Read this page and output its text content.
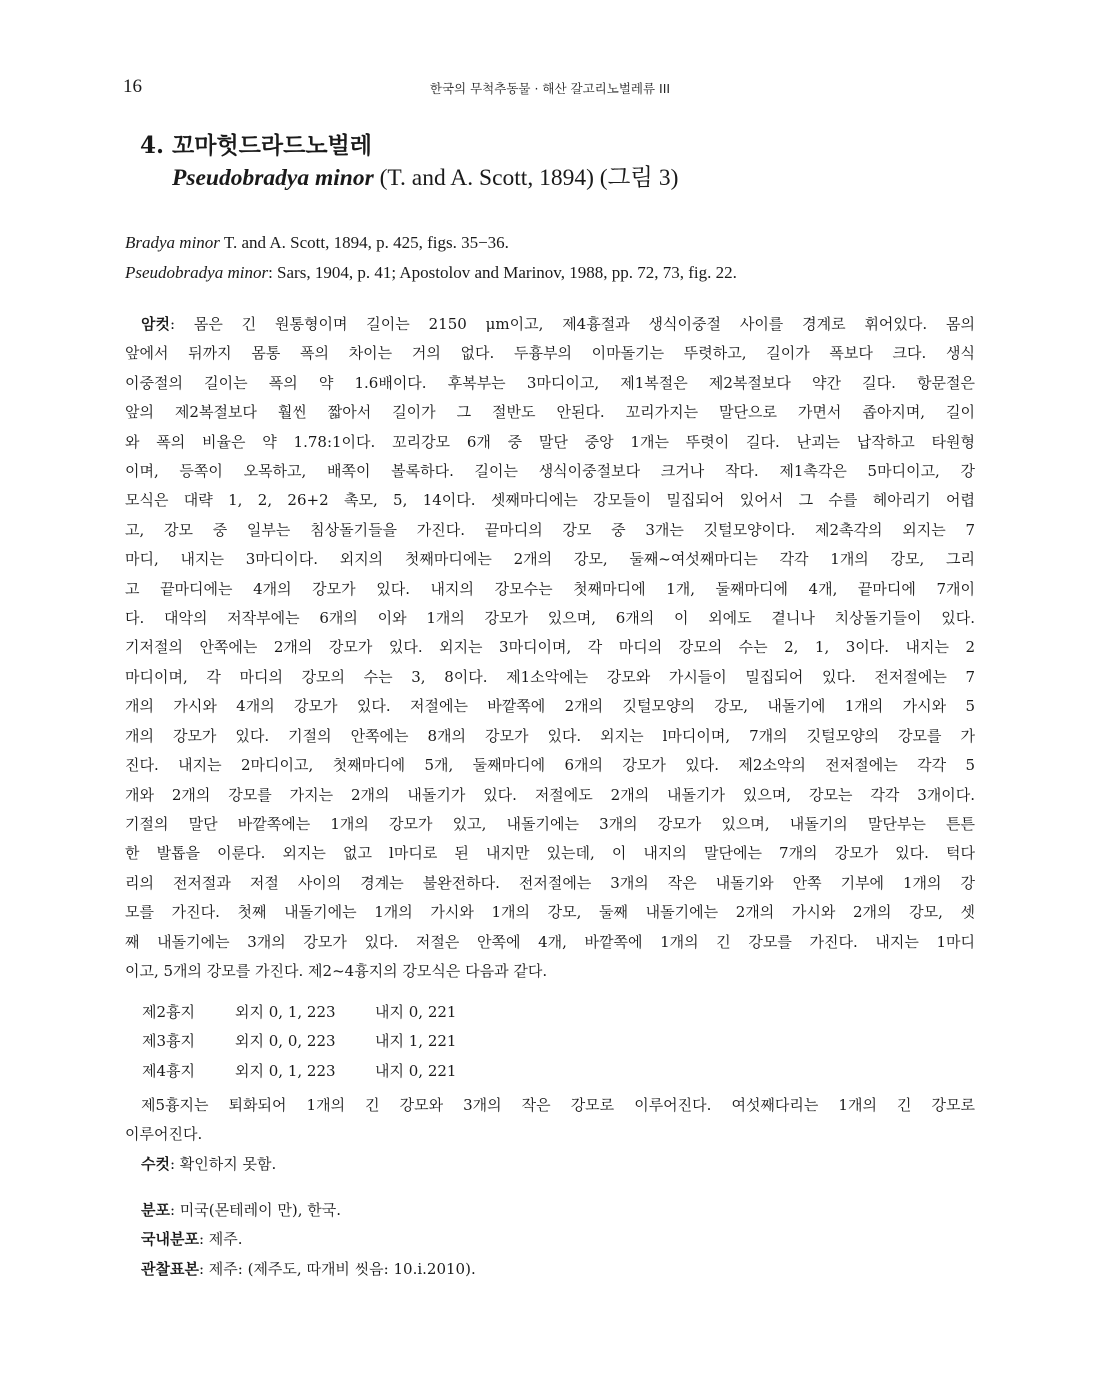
16	한국의 무척추동물 · 해산 갈고리노벌레류 III
4. 꼬마헛드라드노벌레
Pseudobradya minor (T. and A. Scott, 1894) (그림 3)
Bradya minor T. and A. Scott, 1894, p. 425, figs. 35−36.
Pseudobradya minor: Sars, 1904, p. 41; Apostolov and Marinov, 1988, pp. 72, 73, fig. 22.
암컷: 몸은 긴 원통형이며 길이는 2150 μm이고, 제4흉절과 생식이중절 사이를 경계로 휘어있다. 몸의
앞에서 뒤까지 몸통 폭의 차이는 거의 없다. 두흉부의 이마돌기는 뚜렷하고, 길이가 폭보다 크다. 생식
이중절의 길이는 폭의 약 1.6배이다. 후복부는 3마디이고, 제1복절은 제2복절보다 약간 길다. 항문절은
앞의 제2복절보다 훨씬 짧아서 길이가 그 절반도 안된다. 꼬리가지는 말단으로 가면서 좁아지며, 길이
와 폭의 비율은 약 1.78:1이다. 꼬리강모 6개 중 말단 중앙 1개는 뚜렷이 길다. 난괴는 납작하고 타원형
이며, 등쪽이 오목하고, 배쪽이 볼록하다. 길이는 생식이중절보다 크거나 작다. 제1촉각은 5마디이고, 강
모식은 대략 1, 2, 26+2 촉모, 5, 14이다. 셋째마디에는 강모들이 밀집되어 있어서 그 수를 헤아리기 어렵
고, 강모 중 일부는 침상돌기들을 가진다. 끝마디의 강모 중 3개는 깃털모양이다. 제2촉각의 외지는 7
마디, 내지는 3마디이다. 외지의 첫째마디에는 2개의 강모, 둘째~여섯째마디는 각각 1개의 강모, 그리
고 끝마디에는 4개의 강모가 있다. 내지의 강모수는 첫째마디에 1개, 둘째마디에 4개, 끝마디에 7개이
다. 대악의 저작부에는 6개의 이와 1개의 강모가 있으며, 6개의 이 외에도 곁니나 치상돌기들이 있다.
기저절의 안쪽에는 2개의 강모가 있다. 외지는 3마디이며, 각 마디의 강모의 수는 2, 1, 3이다. 내지는 2
마디이며, 각 마디의 강모의 수는 3, 8이다. 제1소악에는 강모와 가시들이 밀집되어 있다. 전저절에는 7
개의 가시와 4개의 강모가 있다. 저절에는 바깥쪽에 2개의 깃털모양의 강모, 내돌기에 1개의 가시와 5
개의 강모가 있다. 기절의 안쪽에는 8개의 강모가 있다. 외지는 l마디이며, 7개의 깃털모양의 강모를 가
진다. 내지는 2마디이고, 첫째마디에 5개, 둘째마디에 6개의 강모가 있다. 제2소악의 전저절에는 각각 5
개와 2개의 강모를 가지는 2개의 내돌기가 있다. 저절에도 2개의 내돌기가 있으며, 강모는 각각 3개이다.
기절의 말단 바깥쪽에는 1개의 강모가 있고, 내돌기에는 3개의 강모가 있으며, 내돌기의 말단부는 튼튼
한 발톱을 이룬다. 외지는 없고 l마디로 된 내지만 있는데, 이 내지의 말단에는 7개의 강모가 있다. 턱다
리의 전저절과 저절 사이의 경계는 불완전하다. 전저절에는 3개의 작은 내돌기와 안쪽 기부에 1개의 강
모를 가진다. 첫째 내돌기에는 1개의 가시와 1개의 강모, 둘째 내돌기에는 2개의 가시와 2개의 강모, 셋
째 내돌기에는 3개의 강모가 있다. 저절은 안쪽에 4개, 바깥쪽에 1개의 긴 강모를 가진다. 내지는 1마디
이고, 5개의 강모를 가진다. 제2~4흉지의 강모식은 다음과 같다.
제2흉지	외지 0, 1, 223	내지 0, 221
제3흉지	외지 0, 0, 223	내지 1, 221
제4흉지	외지 0, 1, 223	내지 0, 221
제5흉지는 퇴화되어 1개의 긴 강모와 3개의 작은 강모로 이루어진다. 여섯째다리는 1개의 긴 강모로
이루어진다.
수컷: 확인하지 못함.
분포: 미국(몬테레이 만), 한국.
국내분포: 제주.
관찰표본: 제주: (제주도, 따개비 씻음: 10.i.2010).
